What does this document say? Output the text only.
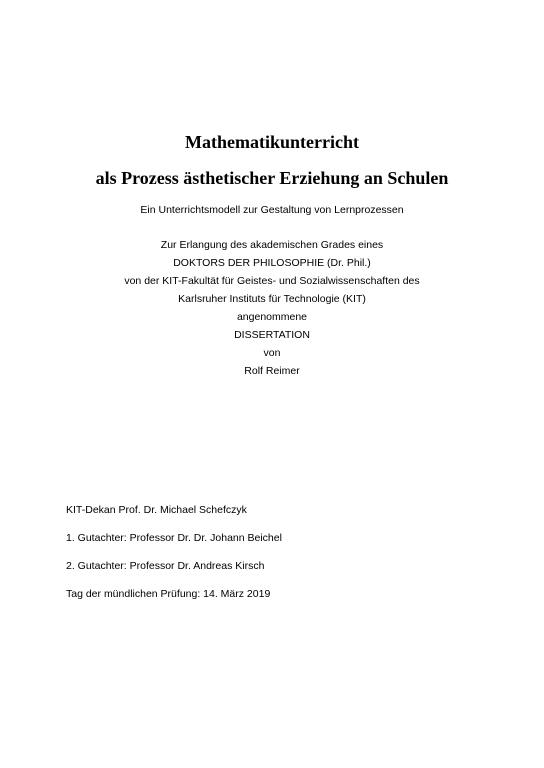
Mathematikunterricht
als Prozess ästhetischer Erziehung an Schulen
Ein Unterrichtsmodell zur Gestaltung von Lernprozessen
Zur Erlangung des akademischen Grades eines
DOKTORS DER PHILOSOPHIE (Dr. Phil.)
von der KIT-Fakultät für Geistes- und Sozialwissenschaften des
Karlsruher Instituts für Technologie (KIT)
angenommene
DISSERTATION
von
Rolf Reimer
KIT-Dekan Prof. Dr. Michael Schefczyk
1. Gutachter: Professor Dr. Dr. Johann Beichel
2. Gutachter: Professor Dr. Andreas Kirsch
Tag der mündlichen Prüfung: 14. März 2019
